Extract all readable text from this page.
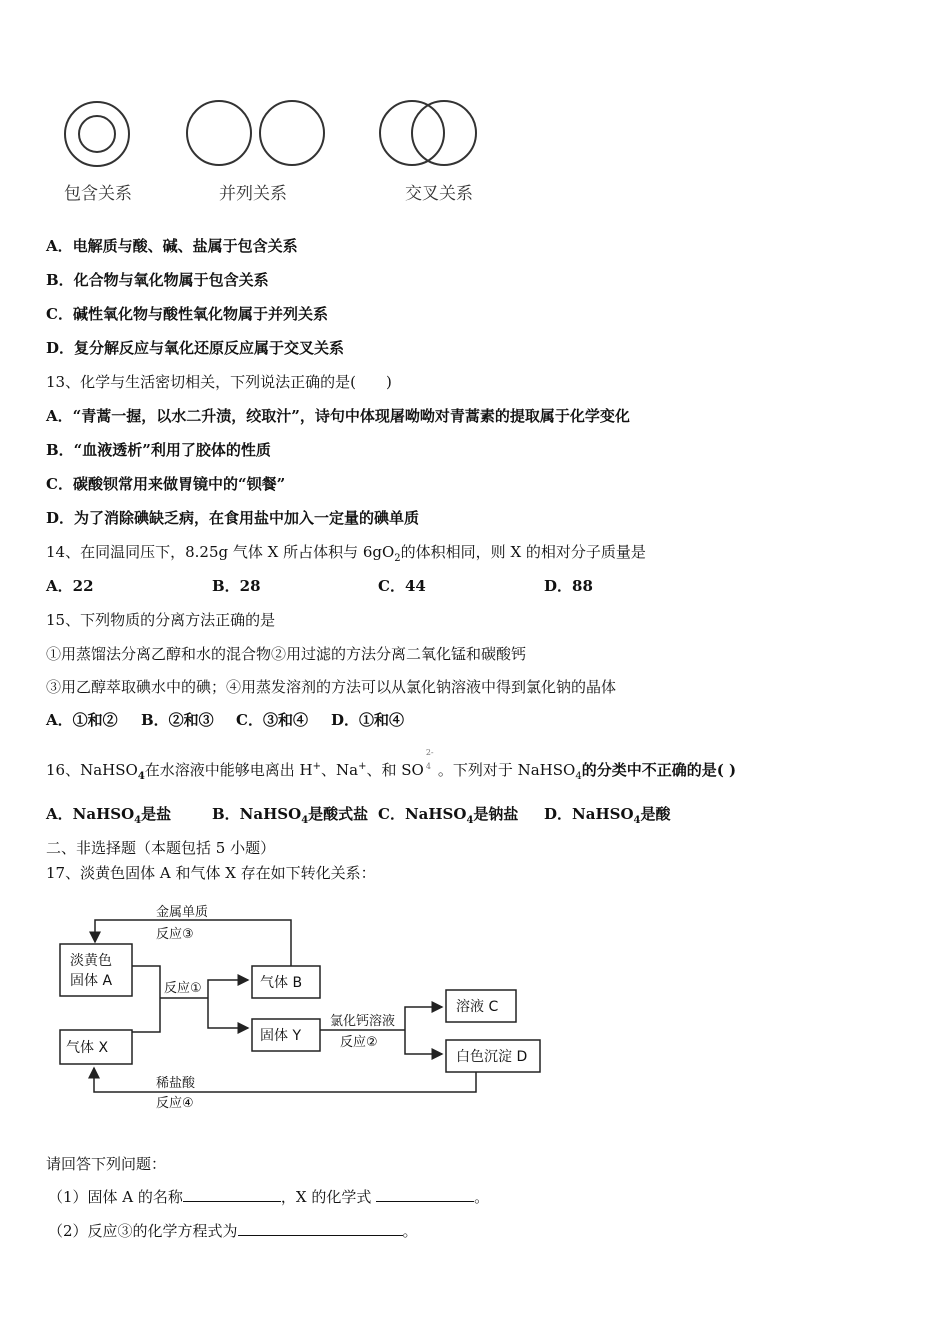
包含关系	并列关系	交叉关系
A．电解质与酸、碱、盐属于包含关系
B．化合物与氧化物属于包含关系
C．碱性氧化物与酸性氧化物属于并列关系
D．复分解反应与氧化还原反应属于交叉关系
13、化学与生活密切相关，下列说法正确的是(　　)
A．“青蒿一握，以水二升渍，绞取汁”，诗句中体现屠呦呦对青蒿素的提取属于化学变化
B．“血液透析”利用了胶体的性质
C．碳酸钡常用来做胃镜中的“钡餐”
D．为了消除碘缺乏病，在食用盐中加入一定量的碘单质
14、在同温同压下，8.25g 气体 X 所占体积与 $6gO_2$的体积相同，则 X 的相对分子质量是
A．22	B．28	C．44	D．88
15、下列物质的分离方法正确的是
①用蒸馏法分离乙醇和水的混合物②用过滤的方法分离二氧化锰和碳酸钙
③用乙醇萃取碘水中的碘；④用蒸发溶剂的方法可以从氯化钠溶液中得到氯化钠的晶体
A．①和② B．②和③ C．③和④ D．①和④
16、NaHSO$_4$在水溶液中能够电离出 H+、Na+、和 SO
2-
4 。下列对于 NaHSO$_4$的分类中不正确的是( )
A．NaHSO$_4$是盐	B．NaHSO$_4$是酸式盐 C．NaHSO$_4$是钠盐 D．NaHSO$_4$是酸
二、非选择题（本题包括 5 小题）
17、淡黄色固体 A 和气体 X 存在如下转化关系：
淡黄色
固体 A
气体 X
气体 B
固体 Y
溶液 C
白色沉淀 D
金属单质
反应③
反应①
氯化钙溶液
反应②
稀盐酸
反应④
请回答下列问题：
（1）固体 A 的名称	，X 的化学式	。
（2）反应③的化学方程式为	。
